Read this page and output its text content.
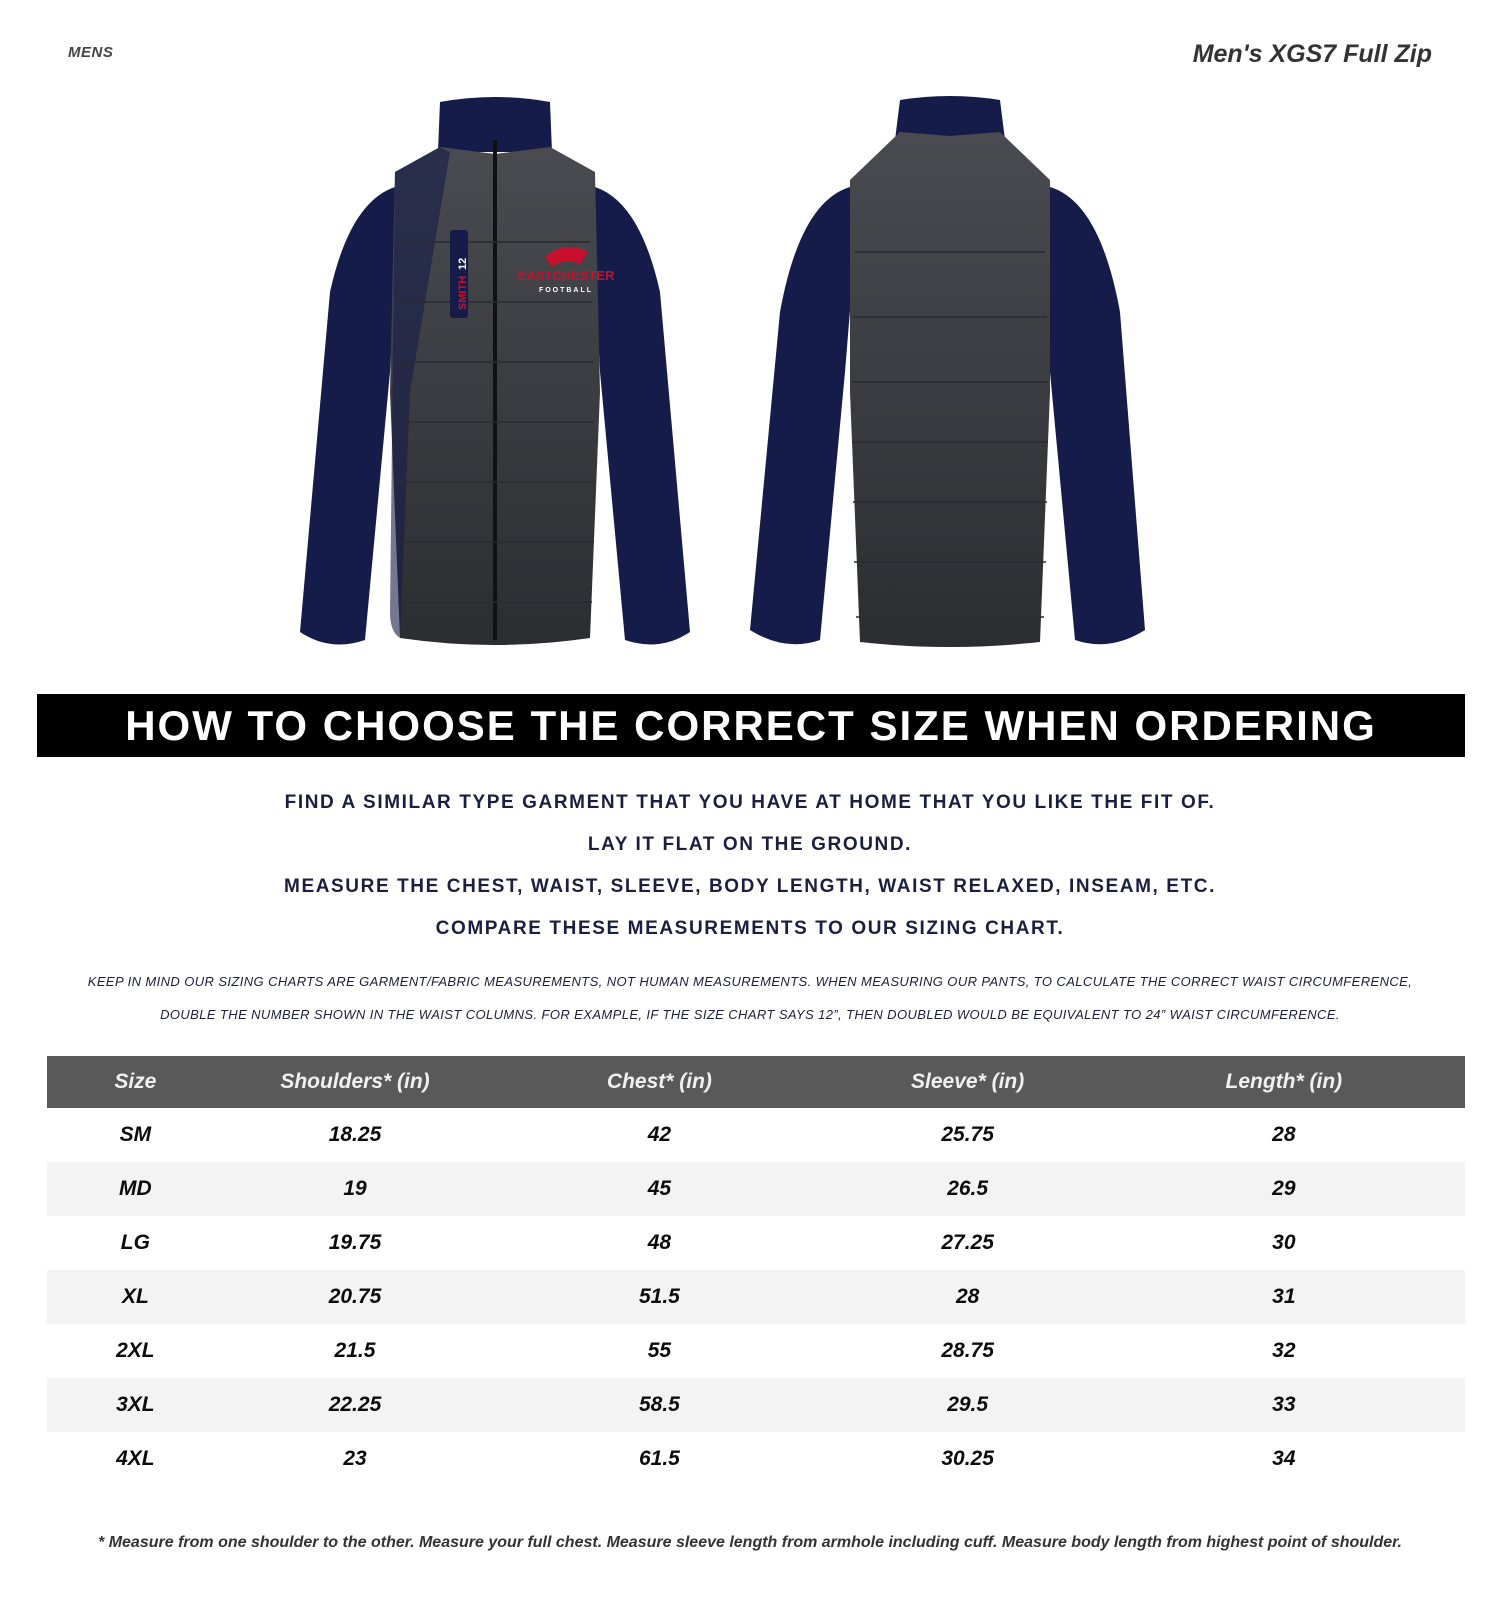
MENS	Men's XGS7 Full Zip
SMITH
12
EASTCHESTER
FOOTBALL
HOW TO CHOOSE THE CORRECT SIZE WHEN ORDERING
FIND A SIMILAR TYPE GARMENT THAT YOU HAVE AT HOME THAT YOU LIKE THE FIT OF.
LAY IT FLAT ON THE GROUND.
MEASURE THE CHEST, WAIST, SLEEVE, BODY LENGTH, WAIST RELAXED, INSEAM, ETC.
COMPARE THESE MEASUREMENTS TO OUR SIZING CHART.
KEEP IN MIND OUR SIZING CHARTS ARE GARMENT/FABRIC MEASUREMENTS, NOT HUMAN MEASUREMENTS. WHEN MEASURING OUR PANTS, TO CALCULATE THE CORRECT WAIST CIRCUMFERENCE,
DOUBLE THE NUMBER SHOWN IN THE WAIST COLUMNS. FOR EXAMPLE, IF THE SIZE CHART SAYS 12”, THEN DOUBLED WOULD BE EQUIVALENT TO 24” WAIST CIRCUMFERENCE.
Size	Shoulders* (in)	Chest* (in)	Sleeve* (in)	Length* (in)
SM	18.25	42	25.75	28
MD	19	45	26.5	29
LG	19.75	48	27.25	30
XL	20.75	51.5	28	31
2XL	21.5	55	28.75	32
3XL	22.25	58.5	29.5	33
4XL	23	61.5	30.25	34
* Measure from one shoulder to the other. Measure your full chest. Measure sleeve length from armhole including cuff. Measure body length from highest point of shoulder.
